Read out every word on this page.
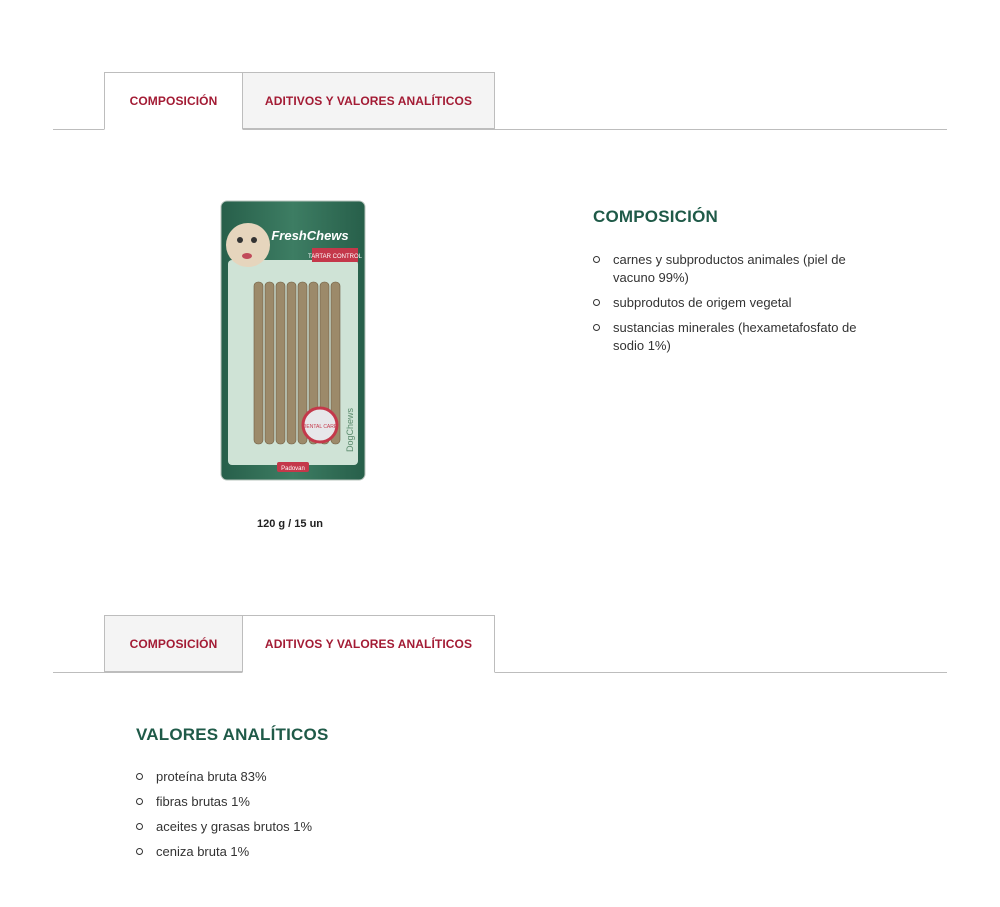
COMPOSICIÓN	ADITIVOS Y VALORES ANALÍTICOS
FreshChews
TARTAR CONTROL
DENTAL CARE DogChews
Padovan
120 g / 15 un
COMPOSICIÓN
carnes y subproductos animales (piel de vacuno 99%)
subprodutos de origem vegetal
sustancias minerales (hexametafosfato de sodio 1%)
COMPOSICIÓN	ADITIVOS Y VALORES ANALÍTICOS
VALORES ANALÍTICOS
proteína bruta 83%
fibras brutas 1%
aceites y grasas brutos 1%
ceniza bruta 1%
